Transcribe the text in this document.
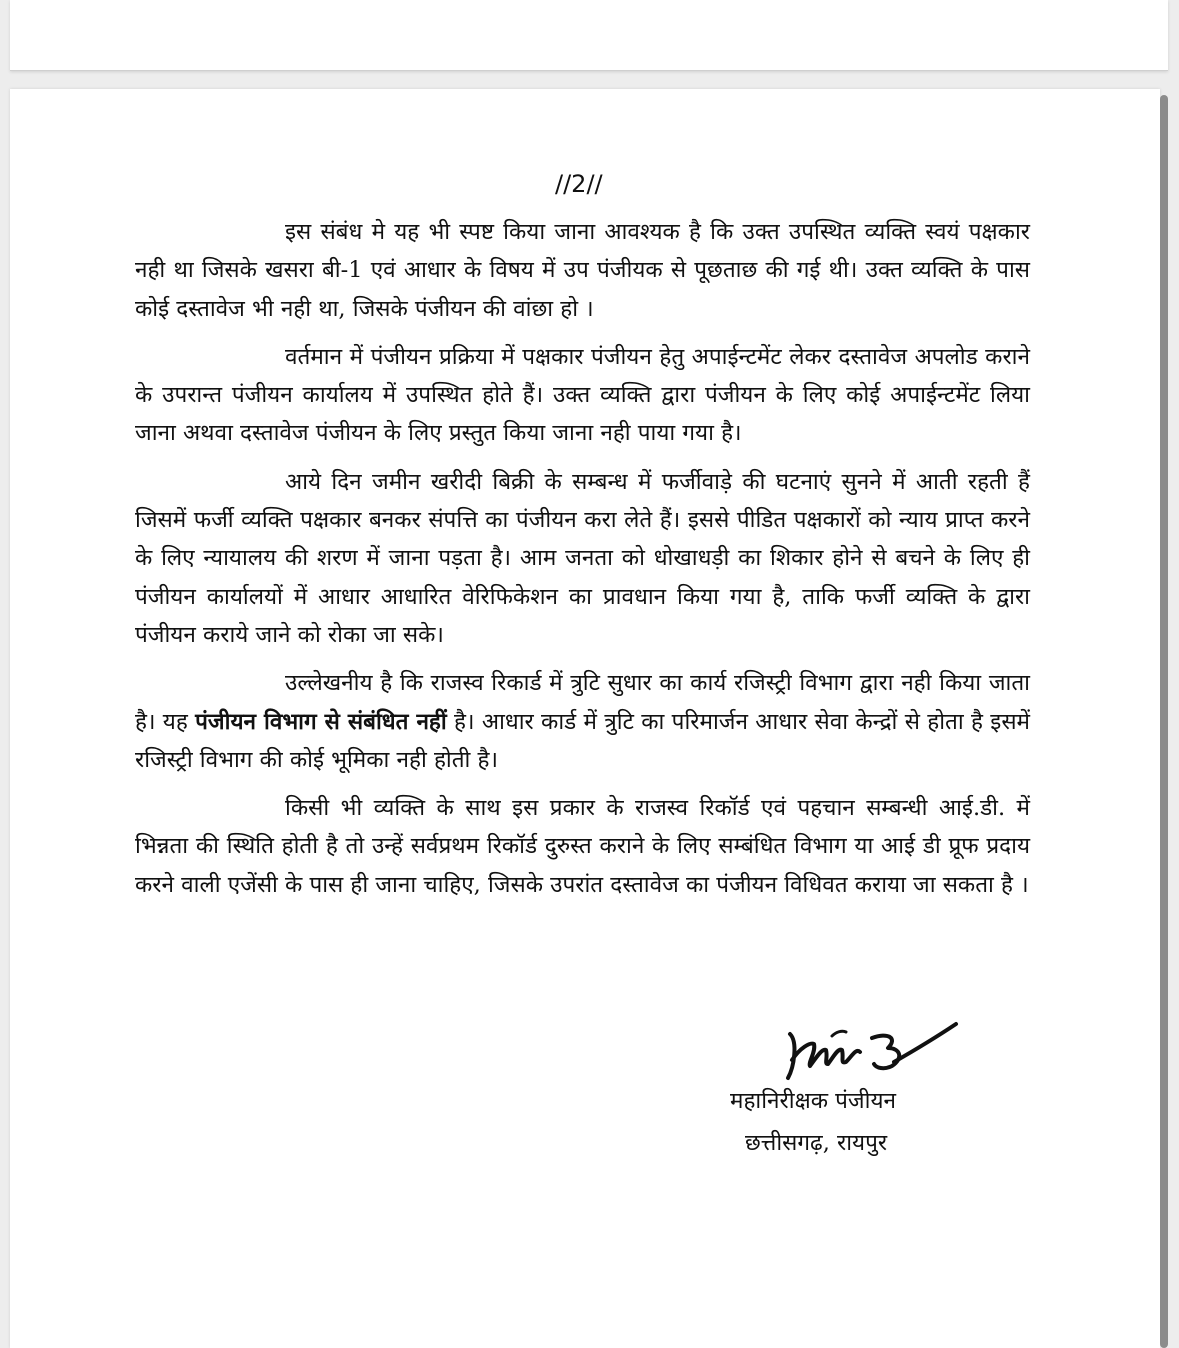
//2//

इस संबंध मे यह भी स्पष्ट किया जाना आवश्यक है कि उक्त उपस्थित व्यक्ति स्वयं पक्षकार नही था जिसके खसरा बी-1 एवं आधार के विषय में उप पंजीयक से पूछताछ की गई थी। उक्त व्यक्ति के पास कोई दस्तावेज भी नही था, जिसके पंजीयन की वांछा हो ।

वर्तमान में पंजीयन प्रक्रिया में पक्षकार पंजीयन हेतु अपाईन्टमेंट लेकर दस्तावेज अपलोड कराने के उपरान्त पंजीयन कार्यालय में उपस्थित होते हैं। उक्त व्यक्ति द्वारा पंजीयन के लिए कोई अपाईन्टमेंट लिया जाना अथवा दस्तावेज पंजीयन के लिए प्रस्तुत किया जाना नही पाया गया है।

आये दिन जमीन खरीदी बिक्री के सम्बन्ध में फर्जीवाड़े की घटनाएं सुनने में आती रहती हैं जिसमें फर्जी व्यक्ति पक्षकार बनकर संपत्ति का पंजीयन करा लेते हैं। इससे पीडित पक्षकारों को न्याय प्राप्त करने के लिए न्यायालय की शरण में जाना पड़ता है। आम जनता को धोखाधड़ी का शिकार होने से बचने के लिए ही पंजीयन कार्यालयों में आधार आधारित वेरिफिकेशन का प्रावधान किया गया है, ताकि फर्जी व्यक्ति के द्वारा पंजीयन कराये जाने को रोका जा सके।

उल्लेखनीय है कि राजस्व रिकार्ड में त्रुटि सुधार का कार्य रजिस्ट्री विभाग द्वारा नही किया जाता है। यह पंजीयन विभाग से संबंधित नहीं है। आधार कार्ड में त्रुटि का परिमार्जन आधार सेवा केन्द्रों से होता है इसमें रजिस्ट्री विभाग की कोई भूमिका नही होती है।

किसी भी व्यक्ति के साथ इस प्रकार के राजस्व रिकॉर्ड एवं पहचान सम्बन्धी आई.डी. में भिन्नता की स्थिति होती है तो उन्हें सर्वप्रथम रिकॉर्ड दुरुस्त कराने के लिए सम्बंधित विभाग या आई डी प्रूफ प्रदाय करने वाली एजेंसी के पास ही जाना चाहिए, जिसके उपरांत दस्तावेज का पंजीयन विधिवत कराया जा सकता है ।

महानिरीक्षक पंजीयन
छत्तीसगढ़, रायपुर
